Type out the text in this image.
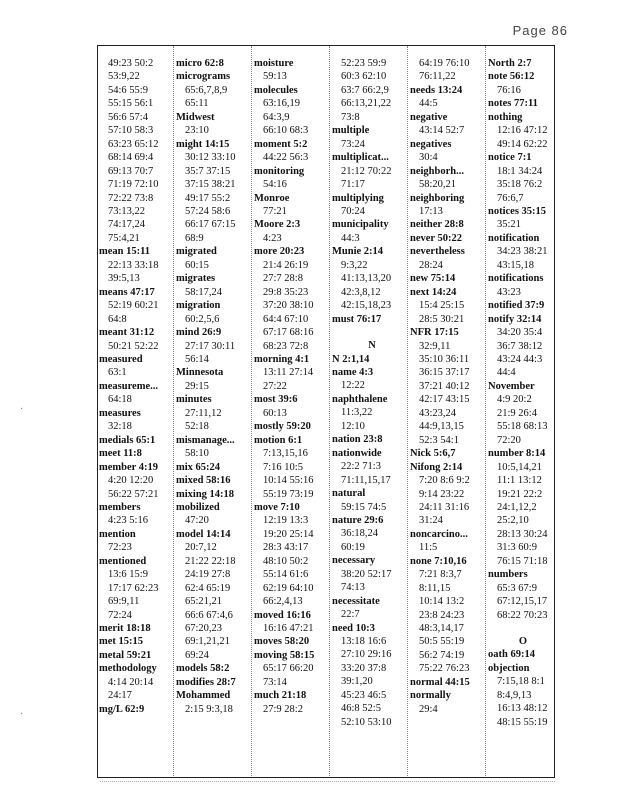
Page 86
49:23 50:2
53:9,22
54:6 55:9
55:15 56:1
56:6 57:4
57:10 58:3
63:23 65:12
68:14 69:4
69:13 70:7
71:19 72:10
72:22 73:8
73:13,22
74:17,24
75:4,21
mean 15:11
22:13 33:18
39:5,13
means 47:17
52:19 60:21
64:8
meant 31:12
50:21 52:22
measured
63:1
measureme...
64:18
measures
32:18
medials 65:1
meet 11:8
member 4:19
4:20 12:20
56:22 57:21
members
4:23 5:16
mention
72:23
mentioned
13:6 15:9
17:17 62:23
69:9,11
72:24
merit 18:18
met 15:15
metal 59:21
methodology
4:14 20:14
24:17
mg/L 62:9
micro 62:8
micrograms
65:6,7,8,9
65:11
Midwest
23:10
might 14:15
30:12 33:10
35:7 37:15
37:15 38:21
49:17 55:2
57:24 58:6
66:17 67:15
68:9
migrated
60:15
migrates
58:17,24
migration
60:2,5,6
mind 26:9
27:17 30:11
56:14
Minnesota
29:15
minutes
27:11,12
52:18
mismanage...
58:10
mix 65:24
mixed 58:16
mixing 14:18
mobilized
47:20
model 14:14
20:7,12
21:22 22:18
24:19 27:8
62:4 65:19
65:21,21
66:6 67:4,6
67:20,23
69:1,21,21
69:24
models 58:2
modifies 28:7
Mohammed
2:15 9:3,18
moisture
59:13
molecules
63:16,19
64:3,9
66:10 68:3
moment 5:2
44:22 56:3
monitoring
54:16
Monroe
77:21
Moore 2:3
4:23
more 20:23
21:4 26:19
27:7 28:8
29:8 35:23
37:20 38:10
64:4 67:10
67:17 68:16
68:23 72:8
morning 4:1
13:11 27:14
27:22
most 39:6
60:13
mostly 59:20
motion 6:1
7:13,15,16
7:16 10:5
10:14 55:16
55:19 73:19
move 7:10
12:19 13:3
19:20 25:14
28:3 43:17
48:10 50:2
55:14 61:6
62:19 64:10
66:2,4,13
moved 16:16
16:16 47:21
moves 58:20
moving 58:15
65:17 66:20
73:14
much 21:18
27:9 28:2
52:23 59:9
60:3 62:10
63:7 66:2,9
66:13,21,22
73:8
multiple
73:24
multiplicat...
21:12 70:22
71:17
multiplying
70:24
municipality
44:3
Munie 2:14
9:3,22
41:13,13,20
42:3,8,12
42:15,18,23
must 76:17
N
N 2:1,14
name 4:3
12:22
naphthalene
11:3,22
12:10
nation 23:8
nationwide
22:2 71:3
71:11,15,17
natural
59:15 74:5
nature 29:6
36:18,24
60:19
necessary
38:20 52:17
74:13
necessitate
22:7
need 10:3
13:18 16:6
27:10 29:16
33:20 37:8
39:1,20
45:23 46:5
46:8 52:5
52:10 53:10
64:19 76:10
76:11,22
needs 13:24
44:5
negative
43:14 52:7
negatives
30:4
neighborh...
58:20,21
neighboring
17:13
neither 28:8
never 50:22
nevertheless
28:24
new 75:14
next 14:24
15:4 25:15
28:5 30:21
NFR 17:15
32:9,11
35:10 36:11
36:15 37:17
37:21 40:12
42:17 43:15
43:23,24
44:9,13,15
52:3 54:1
Nick 5:6,7
Nifong 2:14
7:20 8:6 9:2
9:14 23:22
24:11 31:16
31:24
noncarcino...
11:5
none 7:10,16
7:21 8:3,7
8:11,15
10:14 13:2
23:8 24:23
48:3,14,17
50:5 55:19
56:2 74:19
75:22 76:23
normal 44:15
normally
29:4
North 2:7
note 56:12
76:16
notes 77:11
nothing
12:16 47:12
49:14 62:22
notice 7:1
18:1 34:24
35:18 76:2
76:6,7
notices 35:15
35:21
notification
34:23 38:21
43:15,18
notifications
43:23
notified 37:9
notify 32:14
34:20 35:4
36:7 38:12
43:24 44:3
44:4
November
4:9 20:2
21:9 26:4
55:18 68:13
72:20
number 8:14
10:5,14,21
11:1 13:12
19:21 22:2
24:1,12,2
25:2,10
28:13 30:24
31:3 60:9
76:15 71:18
numbers
65:3 67:9
67:12,15,17
68:22 70:23
O
oath 69:14
objection
7:15,18 8:1
8:4,9,13
16:13 48:12
48:15 55:19
·
·
